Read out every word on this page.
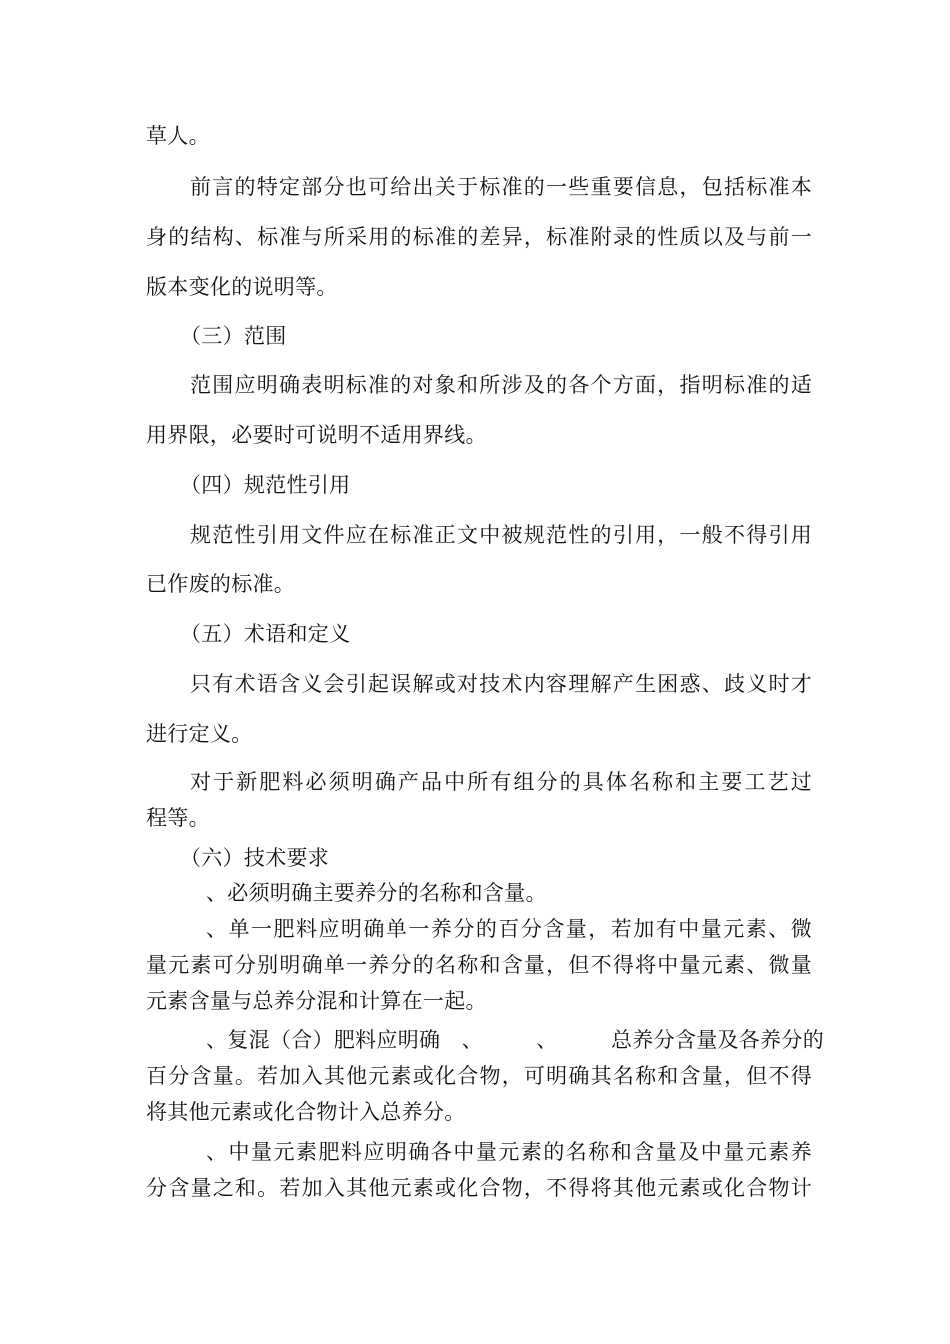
草人。
前言的特定部分也可给出关于标准的一些重要信息，包括标准本
身的结构、标准与所采用的标准的差异，标准附录的性质以及与前一
版本变化的说明等。
（三）范围
范围应明确表明标准的对象和所涉及的各个方面，指明标准的适
用界限，必要时可说明不适用界线。
（四）规范性引用
规范性引用文件应在标准正文中被规范性的引用，一般不得引用
已作废的标准。
（五）术语和定义
只有术语含义会引起误解或对技术内容理解产生困惑、歧义时才
进行定义。
对于新肥料必须明确产品中所有组分的具体名称和主要工艺过
程等。
（六）技术要求
、必须明确主要养分的名称和含量。
、单一肥料应明确单一养分的百分含量，若加有中量元素、微
量元素可分别明确单一养分的名称和含量，但不得将中量元素、微量
元素含量与总养分混和计算在一起。
、复混（合）肥料应明确　、　　　、　　　总养分含量及各养分的
百分含量。若加入其他元素或化合物，可明确其名称和含量，但不得
将其他元素或化合物计入总养分。
、中量元素肥料应明确各中量元素的名称和含量及中量元素养
分含量之和。若加入其他元素或化合物，不得将其他元素或化合物计
